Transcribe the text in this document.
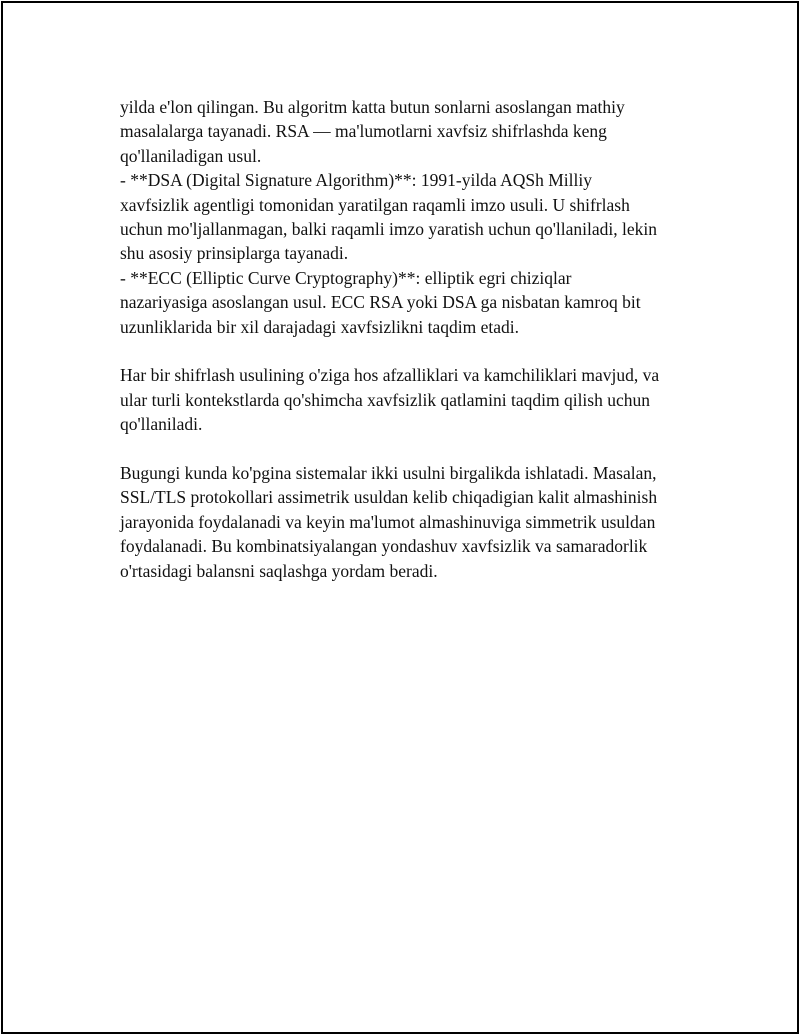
yilda e'lon qilingan. Bu algoritm katta butun sonlarni asoslangan mathiy
masalalarga tayanadi. RSA — ma'lumotlarni xavfsiz shifrlashda keng
qo'llaniladigan usul.
- **DSA (Digital Signature Algorithm)**: 1991-yilda AQSh Milliy
xavfsizlik agentligi tomonidan yaratilgan raqamli imzo usuli. U shifrlash
uchun mo'ljallanmagan, balki raqamli imzo yaratish uchun qo'llaniladi, lekin
shu asosiy prinsiplarga tayanadi.
- **ECC (Elliptic Curve Cryptography)**: elliptik egri chiziqlar
nazariyasiga asoslangan usul. ECC RSA yoki DSA ga nisbatan kamroq bit
uzunliklarida bir xil darajadagi xavfsizlikni taqdim etadi.

Har bir shifrlash usulining o'ziga hos afzalliklari va kamchiliklari mavjud, va
ular turli kontekstlarda qo'shimcha xavfsizlik qatlamini taqdim qilish uchun
qo'llaniladi.

Bugungi kunda ko'pgina sistemalar ikki usulni birgalikda ishlatadi. Masalan,
SSL/TLS protokollari assimetrik usuldan kelib chiqadigian kalit almashinish
jarayonida foydalanadi va keyin ma'lumot almashinuviga simmetrik usuldan
foydalanadi. Bu kombinatsiyalangan yondashuv xavfsizlik va samaradorlik
o'rtasidagi balansni saqlashga yordam beradi.
